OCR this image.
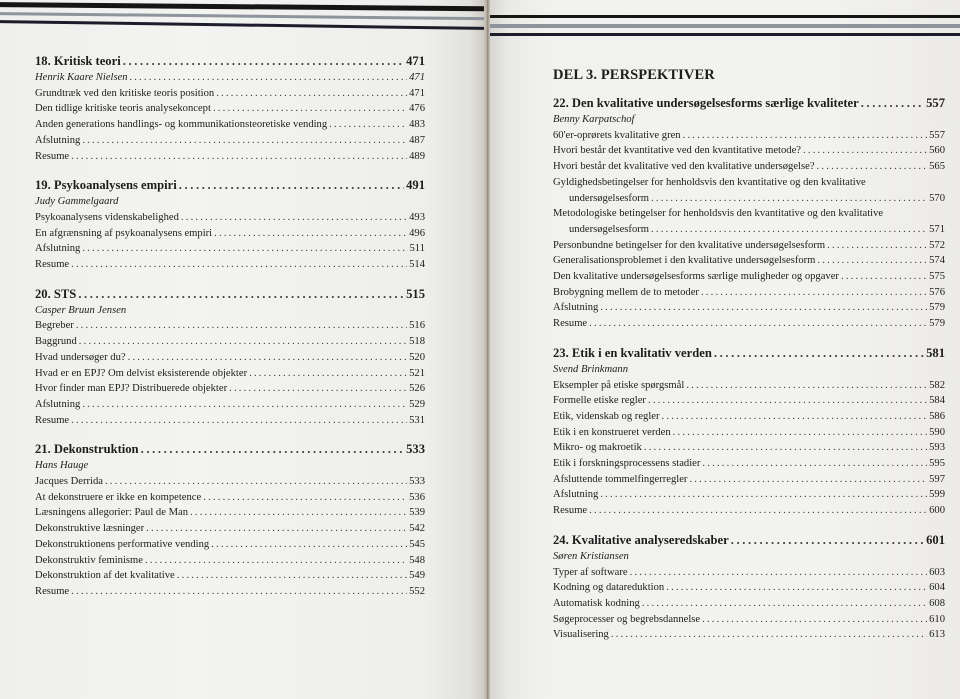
18. Kritisk teori .....	471
Henrik Kaare Nielsen .....	471
Grundtræk ved den kritiske teoris position .....	471
Den tidlige kritiske teoris analysekoncept .....	476
Anden generations handlings- og kommunikationsteoretiske vending .....	483
Afslutning .....	487
Resume .....	489
19. Psykoanalysens empiri .....	491
Judy Gammelgaard
Psykoanalysens videnskabelighed .....	493
En afgrænsning af psykoanalysens empiri .....	496
Afslutning .....	511
Resume .....	514
20. STS .....	515
Casper Bruun Jensen
Begreber .....	516
Baggrund .....	518
Hvad undersøger du? .....	520
Hvad er en EPJ? Om delvist eksisterende objekter .....	521
Hvor finder man EPJ? Distribuerede objekter .....	526
Afslutning .....	529
Resume .....	531
21. Dekonstruktion .....	533
Hans Hauge
Jacques Derrida .....	533
At dekonstruere er ikke en kompetence .....	536
Læsningens allegorier: Paul de Man .....	539
Dekonstruktive læsninger .....	542
Dekonstruktionens performative vending .....	545
Dekonstruktiv feminisme .....	548
Dekonstruktion af det kvalitative .....	549
Resume .....	552
DEL 3. PERSPEKTIVER
22. Den kvalitative undersøgelsesforms særlige kvaliteter .....	557
Benny Karpatschof
60'er-oprørets kvalitative gren .....	557
Hvori består det kvantitative ved den kvantitative metode? .....	560
Hvori består det kvalitative ved den kvalitative undersøgelse? .....	565
Gyldighedsbetingelser for henholdsvis den kvantitative og den kvalitative
undersøgelsesform .....	570
Metodologiske betingelser for henholdsvis den kvantitative og den kvalitative
undersøgelsesform .....	571
Personbundne betingelser for den kvalitative undersøgelsesform .....	572
Generalisationsproblemet i den kvalitative undersøgelsesform .....	574
Den kvalitative undersøgelsesforms særlige muligheder og opgaver .....	575
Brobygning mellem de to metoder .....	576
Afslutning .....	579
Resume .....	579
23. Etik i en kvalitativ verden .....	581
Svend Brinkmann
Eksempler på etiske spørgsmål .....	582
Formelle etiske regler .....	584
Etik, videnskab og regler .....	586
Etik i en konstrueret verden .....	590
Mikro- og makroetik .....	593
Etik i forskningsprocessens stadier .....	595
Afsluttende tommelfingerregler .....	597
Afslutning .....	599
Resume .....	600
24. Kvalitative analyseredskaber .....	601
Søren Kristiansen
Typer af software .....	603
Kodning og datareduktion .....	604
Automatisk kodning .....	608
Søgeprocesser og begrebsdannelse .....	610
Visualisering .....	613
